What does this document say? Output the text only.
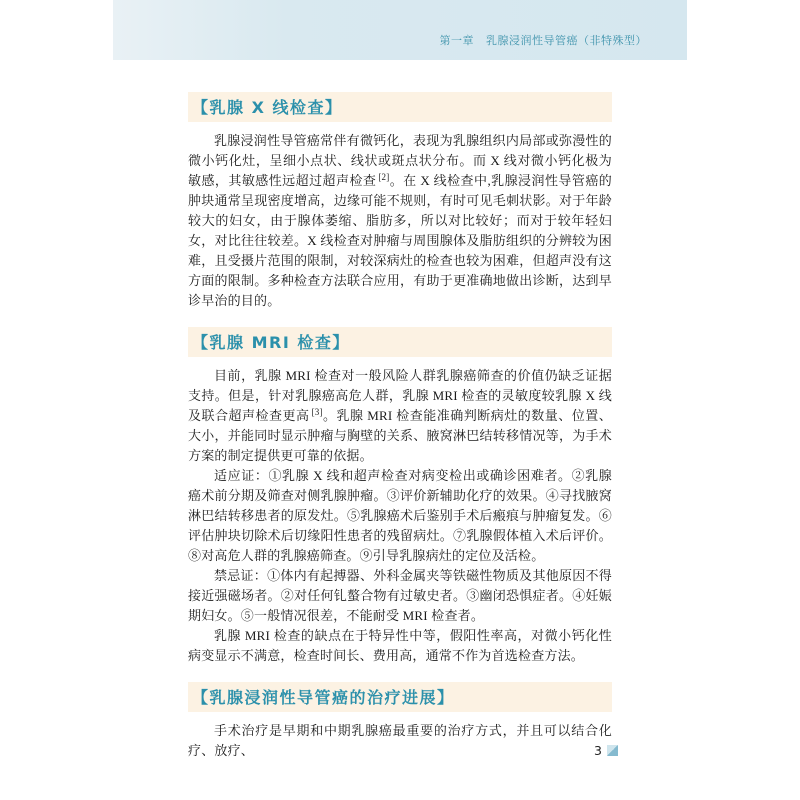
第一章 乳腺浸润性导管癌（非特殊型）
【乳腺 X 线检查】

乳腺浸润性导管癌常伴有微钙化，表现为乳腺组织内局部或弥漫性的微小钙化灶，呈细小点状、线状或斑点状分布。而 X 线对微小钙化极为敏感，其敏感性远超过超声检查 [2]。在 X 线检查中,乳腺浸润性导管癌的肿块通常呈现密度增高，边缘可能不规则，有时可见毛刺状影。对于年龄较大的妇女，由于腺体萎缩、脂肪多，所以对比较好；而对于较年轻妇女，对比往往较差。X 线检查对肿瘤与周围腺体及脂肪组织的分辨较为困难，且受摄片范围的限制，对较深病灶的检查也较为困难，但超声没有这方面的限制。多种检查方法联合应用，有助于更准确地做出诊断，达到早诊早治的目的。

【乳腺 MRI 检查】

目前，乳腺 MRI 检查对一般风险人群乳腺癌筛查的价值仍缺乏证据支持。但是，针对乳腺癌高危人群，乳腺 MRI 检查的灵敏度较乳腺 X 线及联合超声检查更高 [3]。乳腺 MRI 检查能准确判断病灶的数量、位置、大小，并能同时显示肿瘤与胸壁的关系、腋窝淋巴结转移情况等，为手术方案的制定提供更可靠的依据。

适应证：①乳腺 X 线和超声检查对病变检出或确诊困难者。②乳腺癌术前分期及筛查对侧乳腺肿瘤。③评价新辅助化疗的效果。④寻找腋窝淋巴结转移患者的原发灶。⑤乳腺癌术后鉴别手术后瘢痕与肿瘤复发。⑥评估肿块切除术后切缘阳性患者的残留病灶。⑦乳腺假体植入术后评价。⑧对高危人群的乳腺癌筛查。⑨引导乳腺病灶的定位及活检。

禁忌证：①体内有起搏器、外科金属夹等铁磁性物质及其他原因不得接近强磁场者。②对任何钆螯合物有过敏史者。③幽闭恐惧症者。④妊娠期妇女。⑤一般情况很差，不能耐受 MRI 检查者。

乳腺 MRI 检查的缺点在于特异性中等，假阳性率高，对微小钙化性病变显示不满意，检查时间长、费用高，通常不作为首选检查方法。

【乳腺浸润性导管癌的治疗进展】

手术治疗是早期和中期乳腺癌最重要的治疗方式，并且可以结合化疗、放疗、	3
